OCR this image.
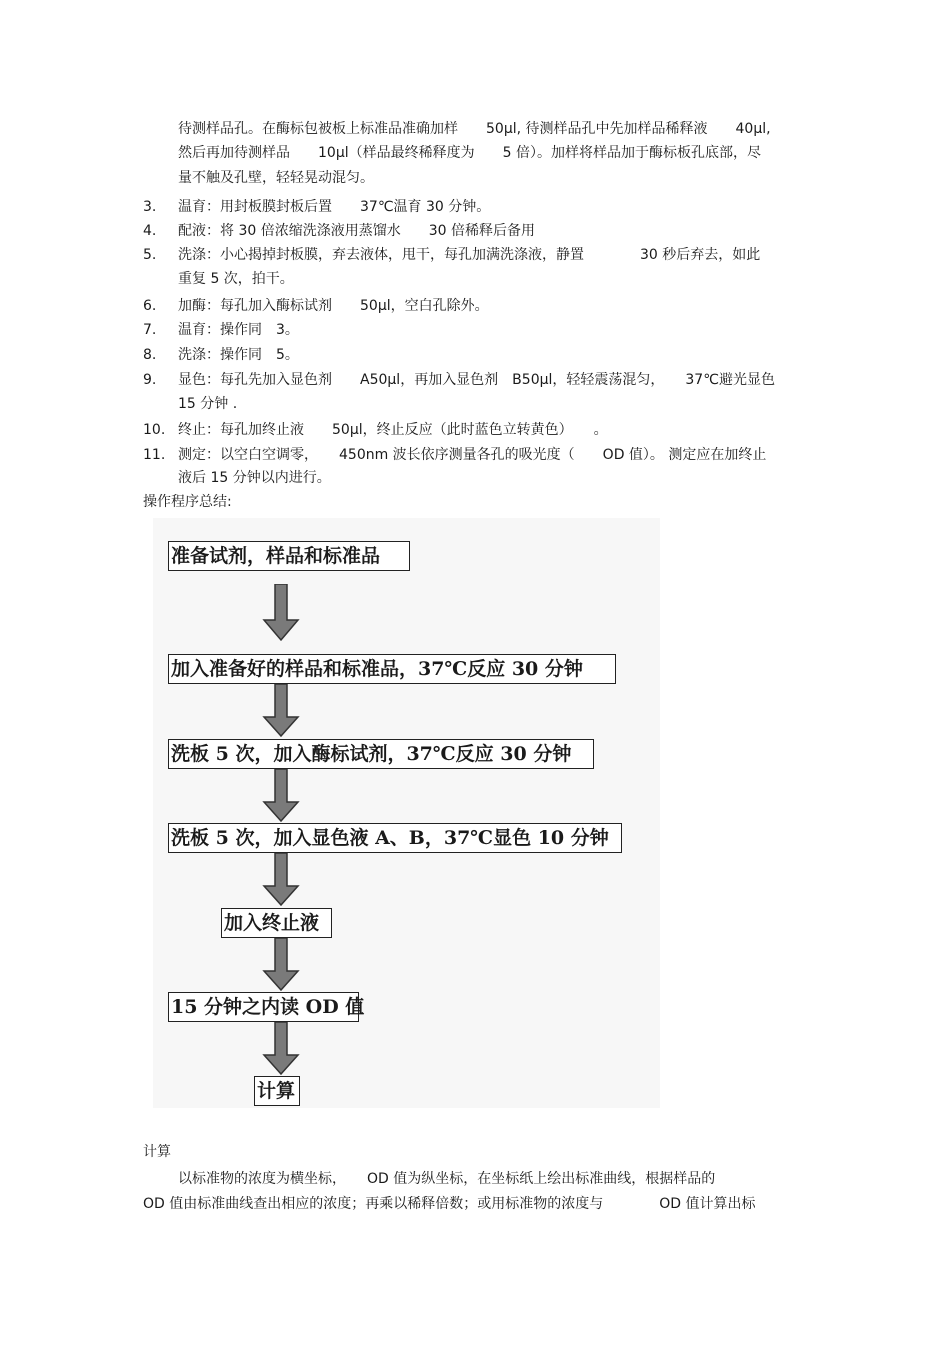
待测样品孔。在酶标包被板上标准品准确加样　　50μl, 待测样品孔中先加样品稀释液　　40μl,
然后再加待测样品　　10μl（样品最终稀释度为　　5 倍）。加样将样品加于酶标板孔底部，尽
量不触及孔壁，轻轻晃动混匀。
3. 温育：用封板膜封板后置　　37℃温育 30 分钟。
4. 配液：将 30 倍浓缩洗涤液用蒸馏水　　30 倍稀释后备用
5. 洗涤：小心揭掉封板膜，弃去液体，甩干，每孔加满洗涤液，静置　　　　30 秒后弃去，如此
重复 5 次，拍干。
6. 加酶：每孔加入酶标试剂　　50μl，空白孔除外。
7. 温育：操作同　3。
8. 洗涤：操作同　5。
9. 显色：每孔先加入显色剂　　A50μl，再加入显色剂　B50μl，轻轻震荡混匀，　　37℃避光显色
15 分钟 .
10. 终止：每孔加终止液　　50μl，终止反应（此时蓝色立转黄色）　　。
11. 测定：以空白空调零，　　450nm 波长依序测量各孔的吸光度（　　OD 值）。 测定应在加终止
液后 15 分钟以内进行。
操作程序总结:
准备试剂，样品和标准品
加入准备好的样品和标准品，37℃反应 30 分钟
洗板 5 次，加入酶标试剂，37℃反应 30 分钟
洗板 5 次，加入显色液 A、B，37℃显色 10 分钟
加入终止液
15 分钟之内读 OD 值
计算
计算
以标准物的浓度为横坐标，　　OD 值为纵坐标，在坐标纸上绘出标准曲线，根据样品的
OD 值由标准曲线查出相应的浓度；再乘以稀释倍数；或用标准物的浓度与　　　　OD 值计算出标
